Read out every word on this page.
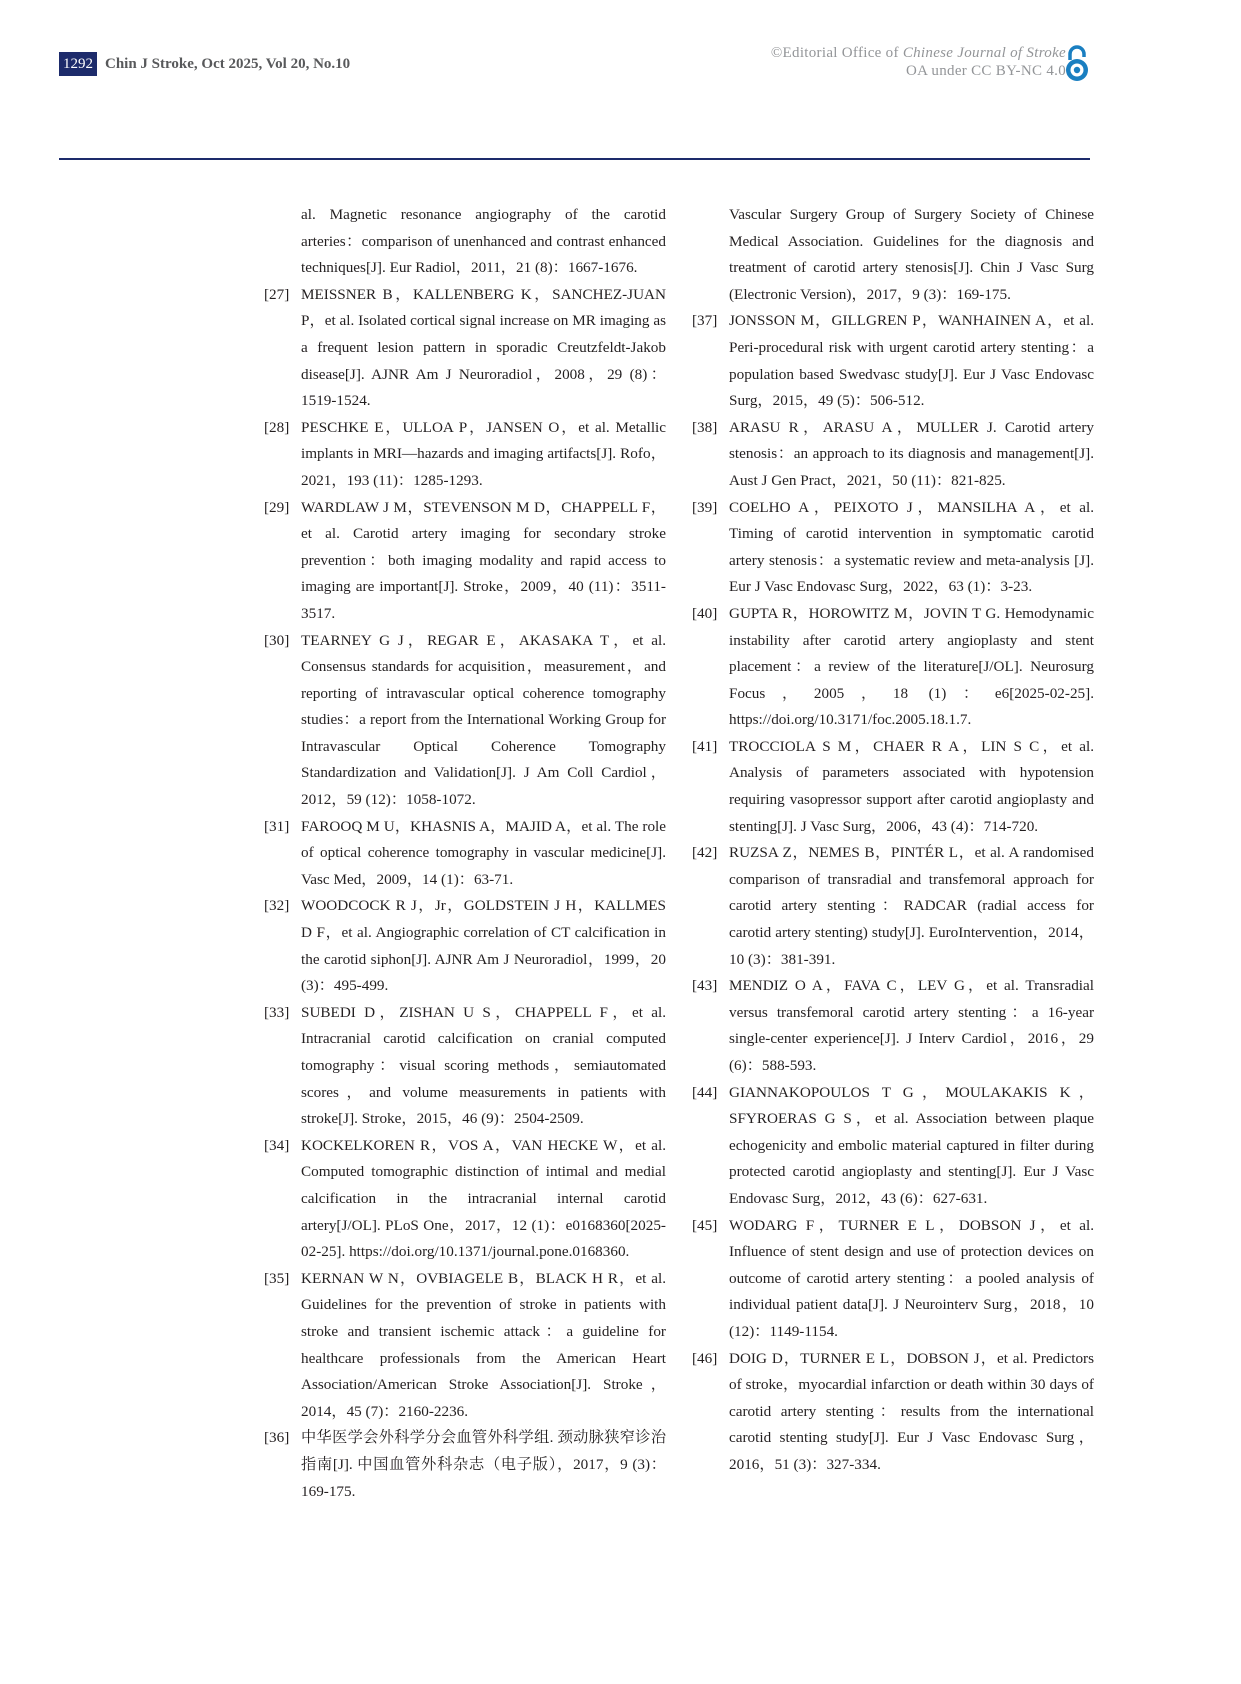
1292 Chin J Stroke, Oct 2025, Vol 20, No.10
©Editorial Office of Chinese Journal of Stroke
OA under CC BY-NC 4.0
al. Magnetic resonance angiography of the carotid arteries：comparison of unenhanced and contrast enhanced techniques[J]. Eur Radiol，2011，21 (8)：1667-1676.
[27] MEISSNER B，KALLENBERG K，SANCHEZ-JUAN P，et al. Isolated cortical signal increase on MR imaging as a frequent lesion pattern in sporadic Creutzfeldt-Jakob disease[J]. AJNR Am J Neuroradiol，2008，29 (8)：1519-1524.
[28] PESCHKE E，ULLOA P，JANSEN O，et al. Metallic implants in MRI—hazards and imaging artifacts[J]. Rofo，2021，193 (11)：1285-1293.
[29] WARDLAW J M，STEVENSON M D，CHAPPELL F，et al. Carotid artery imaging for secondary stroke prevention：both imaging modality and rapid access to imaging are important[J]. Stroke，2009，40 (11)：3511-3517.
[30] TEARNEY G J，REGAR E，AKASAKA T，et al. Consensus standards for acquisition，measurement，and reporting of intravascular optical coherence tomography studies：a report from the International Working Group for Intravascular Optical Coherence Tomography Standardization and Validation[J]. J Am Coll Cardiol，2012，59 (12)：1058-1072.
[31] FAROOQ M U，KHASNIS A，MAJID A，et al. The role of optical coherence tomography in vascular medicine[J]. Vasc Med，2009，14 (1)：63-71.
[32] WOODCOCK R J，Jr，GOLDSTEIN J H，KALLMES D F，et al. Angiographic correlation of CT calcification in the carotid siphon[J]. AJNR Am J Neuroradiol，1999，20 (3)：495-499.
[33] SUBEDI D，ZISHAN U S，CHAPPELL F，et al. Intracranial carotid calcification on cranial computed tomography：visual scoring methods，semiautomated scores，and volume measurements in patients with stroke[J]. Stroke，2015，46 (9)：2504-2509.
[34] KOCKELKOREN R，VOS A，VAN HECKE W，et al. Computed tomographic distinction of intimal and medial calcification in the intracranial internal carotid artery[J/OL]. PLoS One，2017，12 (1)：e0168360[2025-02-25]. https://doi.org/10.1371/journal.pone.0168360.
[35] KERNAN W N，OVBIAGELE B，BLACK H R，et al. Guidelines for the prevention of stroke in patients with stroke and transient ischemic attack：a guideline for healthcare professionals from the American Heart Association/American Stroke Association[J]. Stroke，2014，45 (7)：2160-2236.
[36] 中华医学会外科学分会血管外科学组. 颈动脉狭窄诊治指南[J]. 中国血管外科杂志（电子版），2017，9 (3)：169-175.
Vascular Surgery Group of Surgery Society of Chinese Medical Association. Guidelines for the diagnosis and treatment of carotid artery stenosis[J]. Chin J Vasc Surg (Electronic Version)，2017，9 (3)：169-175.
[37] JONSSON M，GILLGREN P，WANHAINEN A，et al. Peri-procedural risk with urgent carotid artery stenting：a population based Swedvasc study[J]. Eur J Vasc Endovasc Surg，2015，49 (5)：506-512.
[38] ARASU R，ARASU A，MULLER J. Carotid artery stenosis：an approach to its diagnosis and management[J]. Aust J Gen Pract，2021，50 (11)：821-825.
[39] COELHO A，PEIXOTO J，MANSILHA A，et al. Timing of carotid intervention in symptomatic carotid artery stenosis：a systematic review and meta-analysis [J]. Eur J Vasc Endovasc Surg，2022，63 (1)：3-23.
[40] GUPTA R，HOROWITZ M，JOVIN T G. Hemodynamic instability after carotid artery angioplasty and stent placement：a review of the literature[J/OL]. Neurosurg Focus，2005，18 (1)：e6[2025-02-25]. https://doi.org/10.3171/foc.2005.18.1.7.
[41] TROCCIOLA S M，CHAER R A，LIN S C，et al. Analysis of parameters associated with hypotension requiring vasopressor support after carotid angioplasty and stenting[J]. J Vasc Surg，2006，43 (4)：714-720.
[42] RUZSA Z，NEMES B，PINTÉR L，et al. A randomised comparison of transradial and transfemoral approach for carotid artery stenting：RADCAR (radial access for carotid artery stenting) study[J]. EuroIntervention，2014，10 (3)：381-391.
[43] MENDIZ O A，FAVA C，LEV G，et al. Transradial versus transfemoral carotid artery stenting：a 16-year single-center experience[J]. J Interv Cardiol，2016，29 (6)：588-593.
[44] GIANNAKOPOULOS T G，MOULAKAKIS K，SFYROERAS G S，et al. Association between plaque echogenicity and embolic material captured in filter during protected carotid angioplasty and stenting[J]. Eur J Vasc Endovasc Surg，2012，43 (6)：627-631.
[45] WODARG F，TURNER E L，DOBSON J，et al. Influence of stent design and use of protection devices on outcome of carotid artery stenting：a pooled analysis of individual patient data[J]. J Neurointerv Surg，2018，10 (12)：1149-1154.
[46] DOIG D，TURNER E L，DOBSON J，et al. Predictors of stroke，myocardial infarction or death within 30 days of carotid artery stenting：results from the international carotid stenting study[J]. Eur J Vasc Endovasc Surg，2016，51 (3)：327-334.
